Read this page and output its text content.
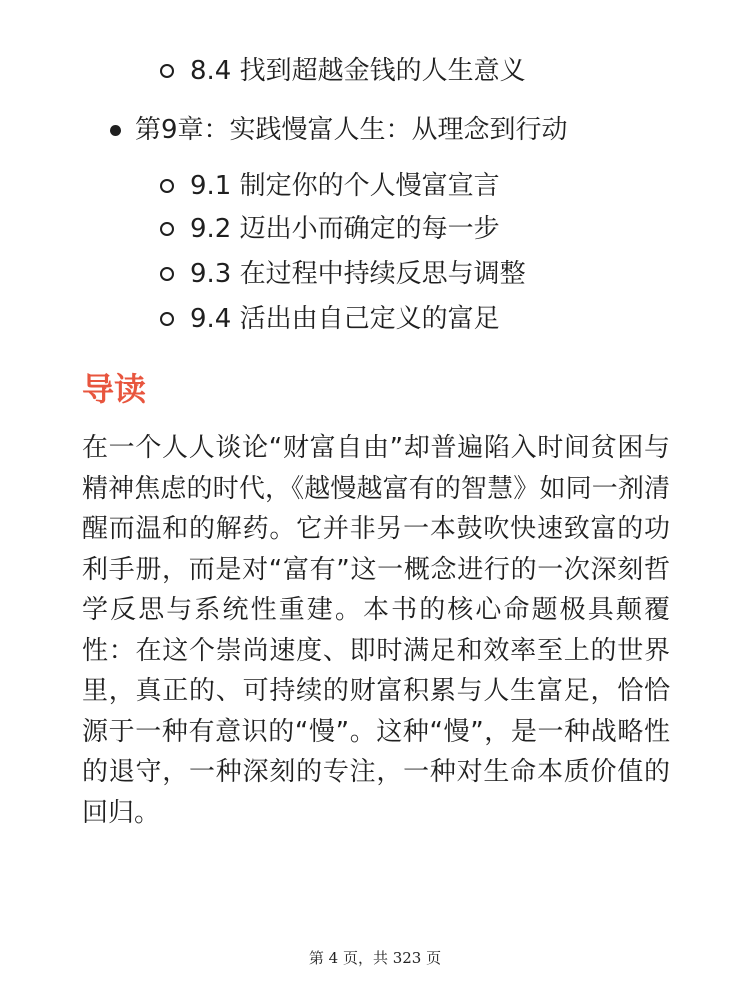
8.4 找到超越金钱的人生意义
第9章：实践慢富人生：从理念到行动
9.1 制定你的个人慢富宣言
9.2 迈出小而确定的每一步
9.3 在过程中持续反思与调整
9.4 活出由自己定义的富足
导读

在一个人人谈论“财富自由”却普遍陷入时间贫困与精神焦虑的时代，《越慢越富有的智慧》如同一剂清醒而温和的解药。它并非另一本鼓吹快速致富的功利手册，而是对“富有”这一概念进行的一次深刻哲学反思与系统性重建。本书的核心命题极具颠覆性：在这个崇尚速度、即时满足和效率至上的世界里，真正的、可持续的财富积累与人生富足，恰恰源于一种有意识的“慢”。这种“慢”，是一种战略性的退守，一种深刻的专注，一种对生命本质价值的回归。

第 4 页，共 323 页
